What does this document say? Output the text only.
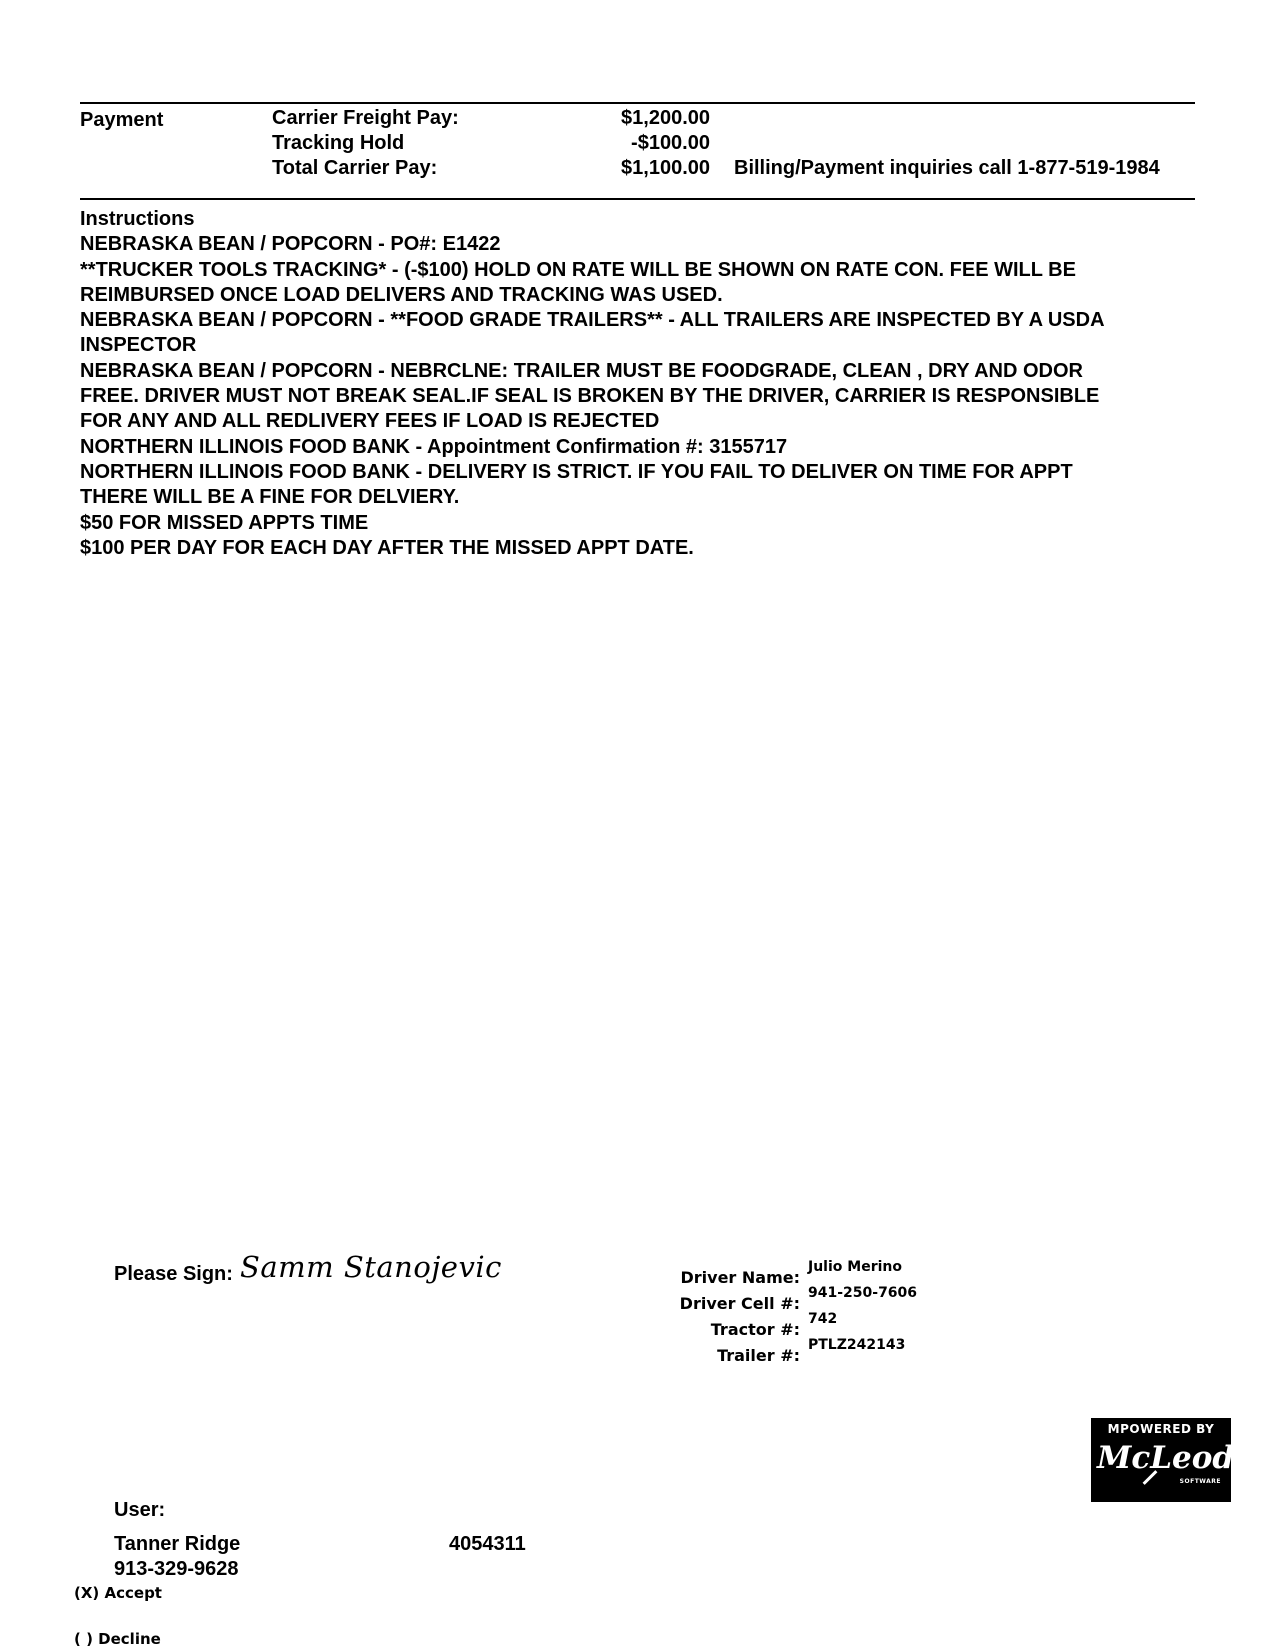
Payment	Carrier Freight Pay:	$1,200.00
Tracking Hold	-$100.00
Total Carrier Pay:	$1,100.00 Billing/Payment inquiries call 1-877-519-1984
Instructions
NEBRASKA BEAN / POPCORN - PO#: E1422
**TRUCKER TOOLS TRACKING* - (-$100) HOLD ON RATE WILL BE SHOWN ON RATE CON. FEE WILL BE
REIMBURSED ONCE LOAD DELIVERS AND TRACKING WAS USED.
NEBRASKA BEAN / POPCORN - **FOOD GRADE TRAILERS** - ALL TRAILERS ARE INSPECTED BY A USDA
INSPECTOR
NEBRASKA BEAN / POPCORN - NEBRCLNE: TRAILER MUST BE FOODGRADE, CLEAN , DRY AND ODOR
FREE. DRIVER MUST NOT BREAK SEAL.IF SEAL IS BROKEN BY THE DRIVER, CARRIER IS RESPONSIBLE
FOR ANY AND ALL REDLIVERY FEES IF LOAD IS REJECTED
NORTHERN ILLINOIS FOOD BANK - Appointment Confirmation #: 3155717
NORTHERN ILLINOIS FOOD BANK - DELIVERY IS STRICT. IF YOU FAIL TO DELIVER ON TIME FOR APPT
THERE WILL BE A FINE FOR DELVIERY.
$50 FOR MISSED APPTS TIME
$100 PER DAY FOR EACH DAY AFTER THE MISSED APPT DATE.
Please Sign: Samm Stanojevic	Driver Name:
Julio Merino
Driver Cell #:
941-250-7606
Tractor #:
742
Trailer #:
PTLZ242143
MPOWERED BY
McLeod
SOFTWARE
User:
Tanner Ridge	4054311
913-329-9628
(X) Accept
( ) Decline
